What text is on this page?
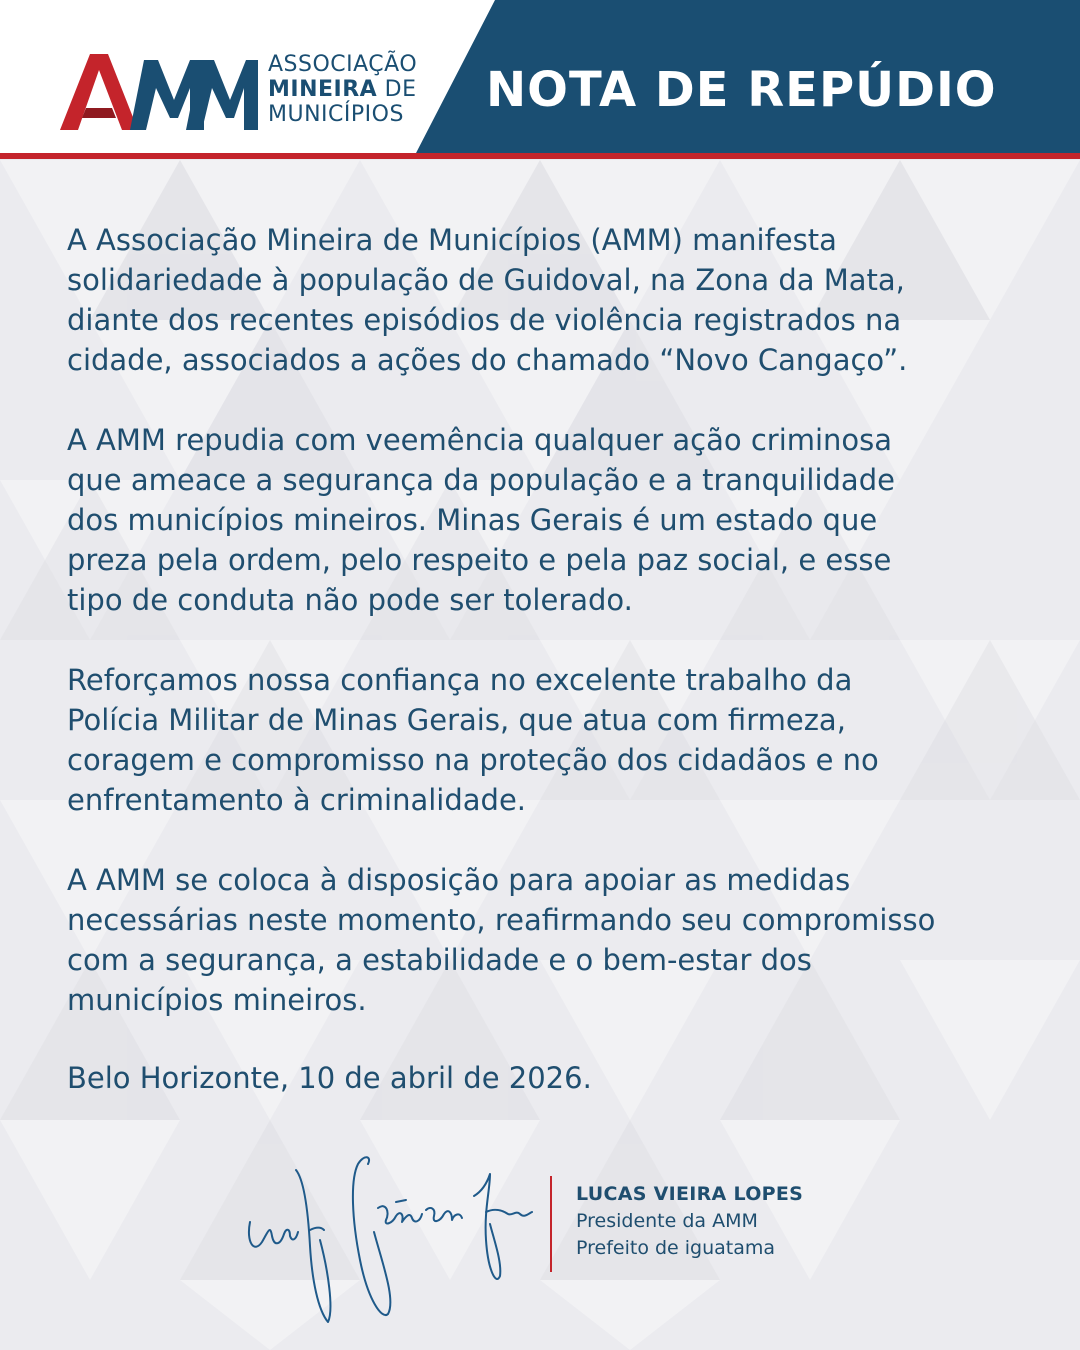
ASSOCIAÇÃO
MINEIRA DE
MUNICÍPIOS NOTA DE REPÚDIO

A Associação Mineira de Municípios (AMM) manifesta
solidariedade à população de Guidoval, na Zona da Mata,
diante dos recentes episódios de violência registrados na
cidade, associados a ações do chamado “Novo Cangaço”.

A AMM repudia com veemência qualquer ação criminosa
que ameace a segurança da população e a tranquilidade
dos municípios mineiros. Minas Gerais é um estado que
preza pela ordem, pelo respeito e pela paz social, e esse
tipo de conduta não pode ser tolerado.

Reforçamos nossa confiança no excelente trabalho da
Polícia Militar de Minas Gerais, que atua com firmeza,
coragem e compromisso na proteção dos cidadãos e no
enfrentamento à criminalidade.

A AMM se coloca à disposição para apoiar as medidas
necessárias neste momento, reafirmando seu compromisso
com a segurança, a estabilidade e o bem-estar dos
municípios mineiros.

Belo Horizonte, 10 de abril de 2026.
LUCAS VIEIRA LOPES
Presidente da AMM
Prefeito de iguatama
